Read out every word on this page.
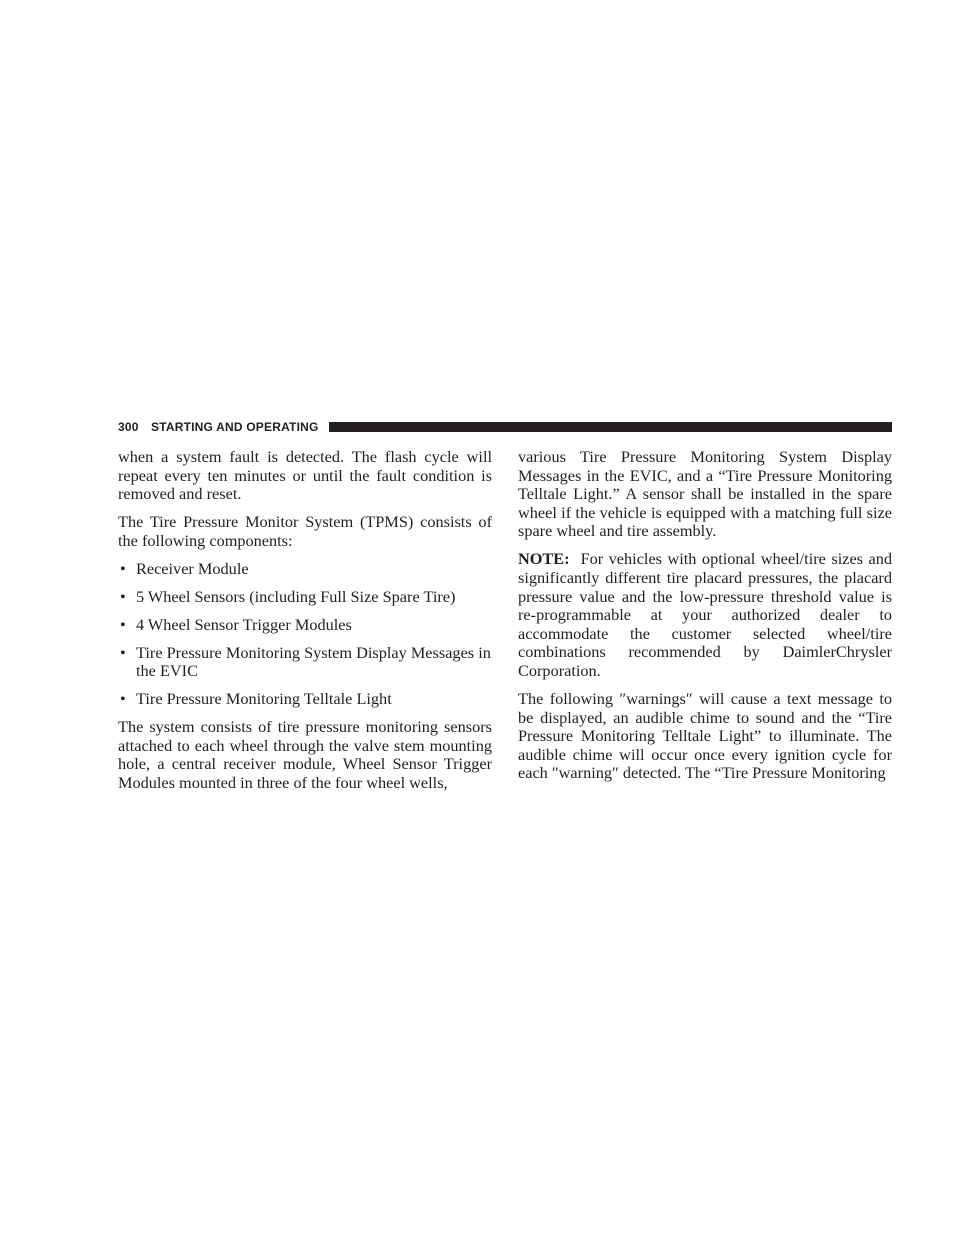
300 STARTING AND OPERATING

when a system fault is detected. The flash cycle will repeat every ten minutes or until the fault condition is removed and reset.

The Tire Pressure Monitor System (TPMS) consists of the following components:

• Receiver Module
• 5 Wheel Sensors (including Full Size Spare Tire)
• 4 Wheel Sensor Trigger Modules
• Tire Pressure Monitoring System Display Messages in the EVIC
• Tire Pressure Monitoring Telltale Light

The system consists of tire pressure monitoring sensors attached to each wheel through the valve stem mounting hole, a central receiver module, Wheel Sensor Trigger Modules mounted in three of the four wheel wells,

various Tire Pressure Monitoring System Display Messages in the EVIC, and a “Tire Pressure Monitoring Telltale Light.” A sensor shall be installed in the spare wheel if the vehicle is equipped with a matching full size spare wheel and tire assembly.

NOTE: For vehicles with optional wheel/tire sizes and significantly different tire placard pressures, the placard pressure value and the low-pressure threshold value is re-programmable at your authorized dealer to accommodate the customer selected wheel/tire combinations recommended by DaimlerChrysler Corporation.

The following ″warnings″ will cause a text message to be displayed, an audible chime to sound and the “Tire Pressure Monitoring Telltale Light” to illuminate. The audible chime will occur once every ignition cycle for each ″warning″ detected. The “Tire Pressure Monitoring
